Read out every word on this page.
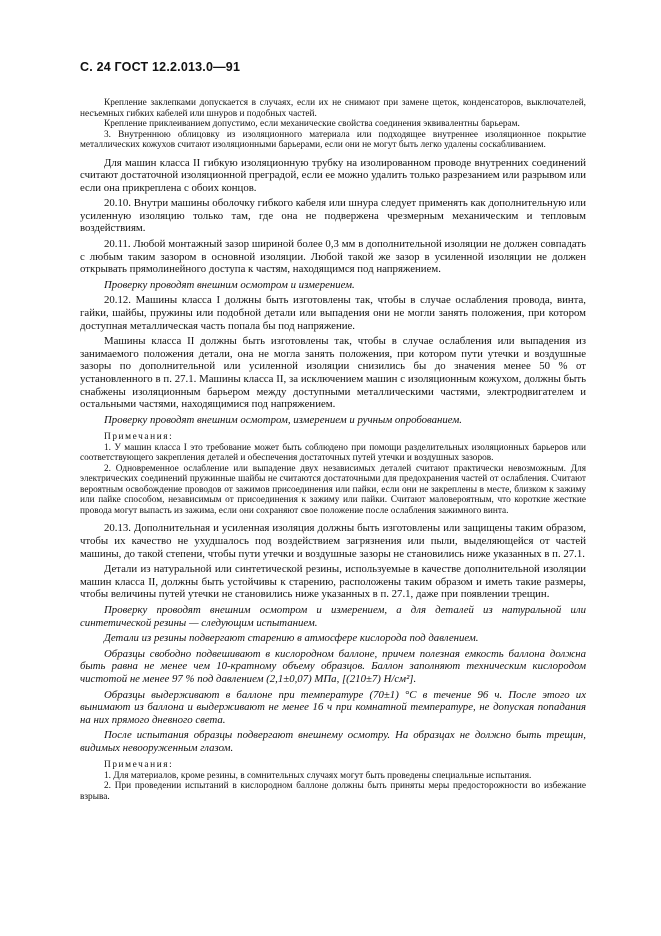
С. 24 ГОСТ 12.2.013.0—91

Крепление заклепками допускается в случаях, если их не снимают при замене щеток, конденсаторов, выключателей, несъемных гибких кабелей или шнуров и подобных частей.

Крепление приклеиванием допустимо, если механические свойства соединения эквивалентны барьерам.

3. Внутреннюю облицовку из изоляционного материала или подходящее внутреннее изоляционное покрытие металлических кожухов считают изоляционными барьерами, если они не могут быть легко удалены соскабливанием.

Для машин класса II гибкую изоляционную трубку на изолированном проводе внутренних соединений считают достаточной изоляционной преградой, если ее можно удалить только разрезанием или разрывом или если она прикреплена с обоих концов.

20.10. Внутри машины оболочку гибкого кабеля или шнура следует применять как дополнительную или усиленную изоляцию только там, где она не подвержена чрезмерным механическим и тепловым воздействиям.

20.11. Любой монтажный зазор шириной более 0,3 мм в дополнительной изоляции не должен совпадать с любым таким зазором в основной изоляции. Любой такой же зазор в усиленной изоляции не должен открывать прямолинейного доступа к частям, находящимся под напряжением.

Проверку проводят внешним осмотром и измерением.

20.12. Машины класса I должны быть изготовлены так, чтобы в случае ослабления провода, винта, гайки, шайбы, пружины или подобной детали или выпадения они не могли занять положения, при котором доступная металлическая часть попала бы под напряжение.

Машины класса II должны быть изготовлены так, чтобы в случае ослабления или выпадения из занимаемого положения детали, она не могла занять положения, при котором пути утечки и воздушные зазоры по дополнительной или усиленной изоляции снизились бы до значения менее 50 % от установленного в п. 27.1. Машины класса II, за исключением машин с изоляционным кожухом, должны быть снабжены изоляционным барьером между доступными металлическими частями, электродвигателем и остальными частями, находящимися под напряжением.

Проверку проводят внешним осмотром, измерением и ручным опробованием.

Примечания:

1. У машин класса I это требование может быть соблюдено при помощи разделительных изоляционных барьеров или соответствующего закрепления деталей и обеспечения достаточных путей утечки и воздушных зазоров.

2. Одновременное ослабление или выпадение двух независимых деталей считают практически невозможным. Для электрических соединений пружинные шайбы не считаются достаточными для предохранения частей от ослабления. Считают вероятным освобождение проводов от зажимов присоединения или пайки, если они не закреплены в месте, близком к зажиму или пайке способом, независимым от присоединения к зажиму или пайки. Считают маловероятным, что короткие жесткие провода могут выпасть из зажима, если они сохраняют свое положение после ослабления зажимного винта.

20.13. Дополнительная и усиленная изоляция должны быть изготовлены или защищены таким образом, чтобы их качество не ухудшалось под воздействием загрязнения или пыли, выделяющейся от частей машины, до такой степени, чтобы пути утечки и воздушные зазоры не становились ниже указанных в п. 27.1.

Детали из натуральной или синтетической резины, используемые в качестве дополнительной изоляции машин класса II, должны быть устойчивы к старению, расположены таким образом и иметь такие размеры, чтобы величины путей утечки не становились ниже указанных в п. 27.1, даже при появлении трещин.

Проверку проводят внешним осмотром и измерением, а для деталей из натуральной или синтетической резины — следующим испытанием.

Детали из резины подвергают старению в атмосфере кислорода под давлением.

Образцы свободно подвешивают в кислородном баллоне, причем полезная емкость баллона должна быть равна не менее чем 10-кратному объему образцов. Баллон заполняют техническим кислородом чистотой не менее 97 % под давлением (2,1±0,07) МПа, [(210±7) Н/см²].

Образцы выдерживают в баллоне при температуре (70±1) °С в течение 96 ч. После этого их вынимают из баллона и выдерживают не менее 16 ч при комнатной температуре, не допуская попадания на них прямого дневного света.

После испытания образцы подвергают внешнему осмотру. На образцах не должно быть трещин, видимых невооруженным глазом.

Примечания:

1. Для материалов, кроме резины, в сомнительных случаях могут быть проведены специальные испытания.

2. При проведении испытаний в кислородном баллоне должны быть приняты меры предосторожности во избежание взрыва.
